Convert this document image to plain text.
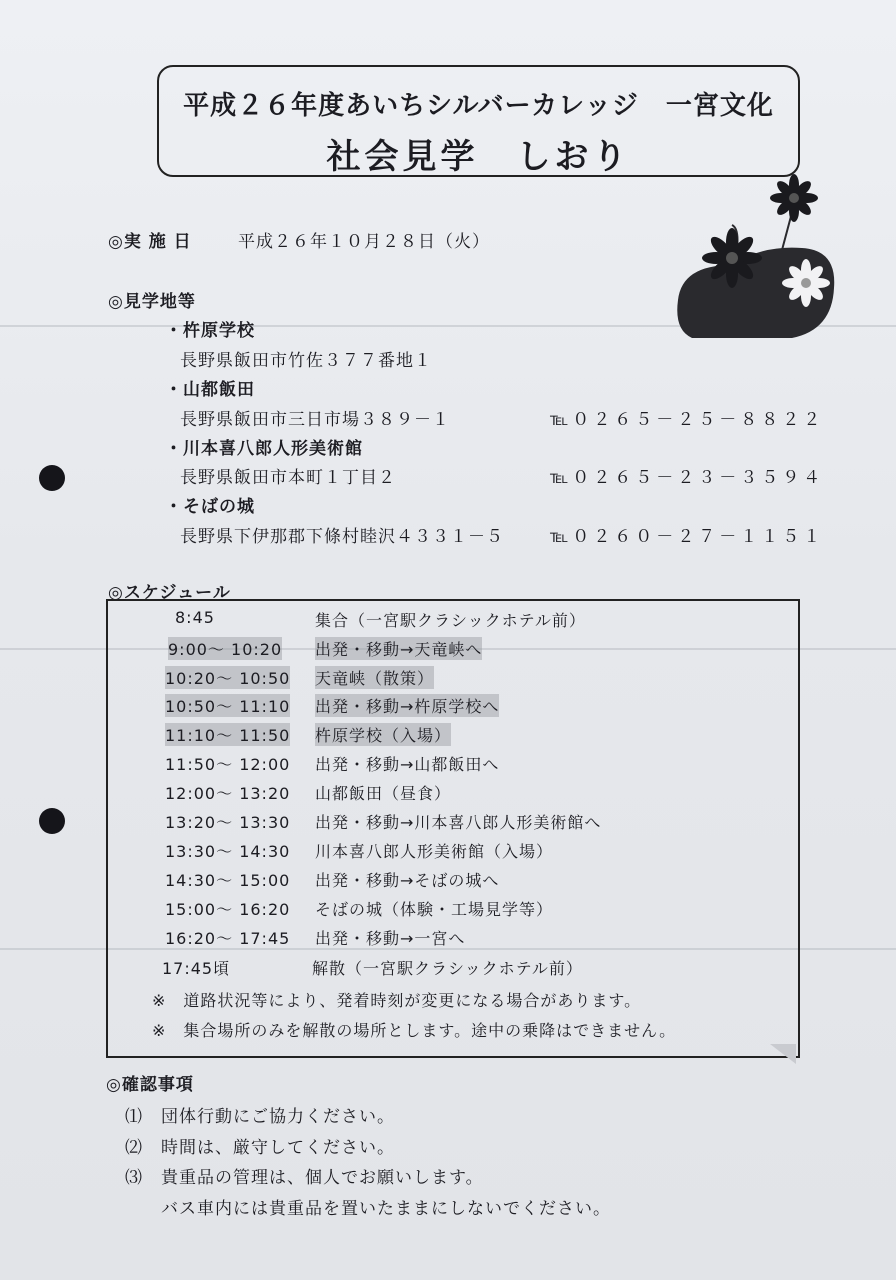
平成２６年度あいちシルバーカレッジ　一宮文化
社会見学　しおり
◎実 施 日	平成２６年１０月２８日（火）
◎見学地等
・杵原学校
長野県飯田市竹佐３７７番地１
・山都飯田
長野県飯田市三日市場３８９－１	℡０２６５－２５－８８２２
・川本喜八郎人形美術館
長野県飯田市本町１丁目２	℡０２６５－２３－３５９４
・そばの城
長野県下伊那郡下條村睦沢４３３１－５	℡０２６０－２７－１１５１
◎スケジュール
8:45	集合（一宮駅クラシックホテル前）
9:00～ 10:20 出発・移動→天竜峡へ
10:20～ 10:50 天竜峡（散策）
10:50～ 11:10 出発・移動→杵原学校へ
11:10～ 11:50 杵原学校（入場）
11:50～ 12:00 出発・移動→山都飯田へ
12:00～ 13:20 山都飯田（昼食）
13:20～ 13:30 出発・移動→川本喜八郎人形美術館へ
13:30～ 14:30 川本喜八郎人形美術館（入場）
14:30～ 15:00 出発・移動→そばの城へ
15:00～ 16:20 そばの城（体験・工場見学等）
16:20～ 17:45 出発・移動→一宮へ
17:45頃	解散（一宮駅クラシックホテル前）
※　道路状況等により、発着時刻が変更になる場合があります。
※　集合場所のみを解散の場所とします。途中の乗降はできません。
◎確認事項
⑴　団体行動にご協力ください。
⑵　時間は、厳守してください。
⑶　貴重品の管理は、個人でお願いします。
　　バス車内には貴重品を置いたままにしないでください。
